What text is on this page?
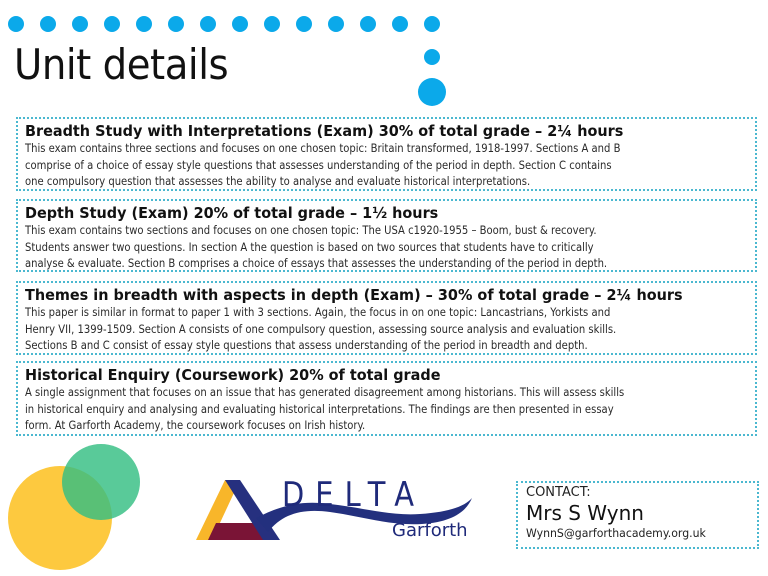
Unit details
Breadth Study with Interpretations (Exam) 30% of total grade – 2¼ hours
This exam contains three sections and focuses on one chosen topic: Britain transformed, 1918-1997. Sections A and B
comprise of a choice of essay style questions that assesses understanding of the period in depth. Section C contains
one compulsory question that assesses the ability to analyse and evaluate historical interpretations.
Depth Study (Exam) 20% of total grade – 1½ hours
This exam contains two sections and focuses on one chosen topic: The USA c1920-1955 – Boom, bust & recovery.
Students answer two questions. In section A the question is based on two sources that students have to critically
analyse & evaluate. Section B comprises a choice of essays that assesses the understanding of the period in depth.
Themes in breadth with aspects in depth (Exam) – 30% of total grade – 2¼ hours
This paper is similar in format to paper 1 with 3 sections. Again, the focus in on one topic: Lancastrians, Yorkists and
Henry VII, 1399-1509. Section A consists of one compulsory question, assessing source analysis and evaluation skills.
Sections B and C consist of essay style questions that assess understanding of the period in breadth and depth.
Historical Enquiry (Coursework) 20% of total grade
A single assignment that focuses on an issue that has generated disagreement among historians. This will assess skills
in historical enquiry and analysing and evaluating historical interpretations. The findings are then presented in essay
form. At Garforth Academy, the coursework focuses on Irish history.
DELTA
Garforth
CONTACT:
Mrs S Wynn
WynnS@garforthacademy.org.uk
